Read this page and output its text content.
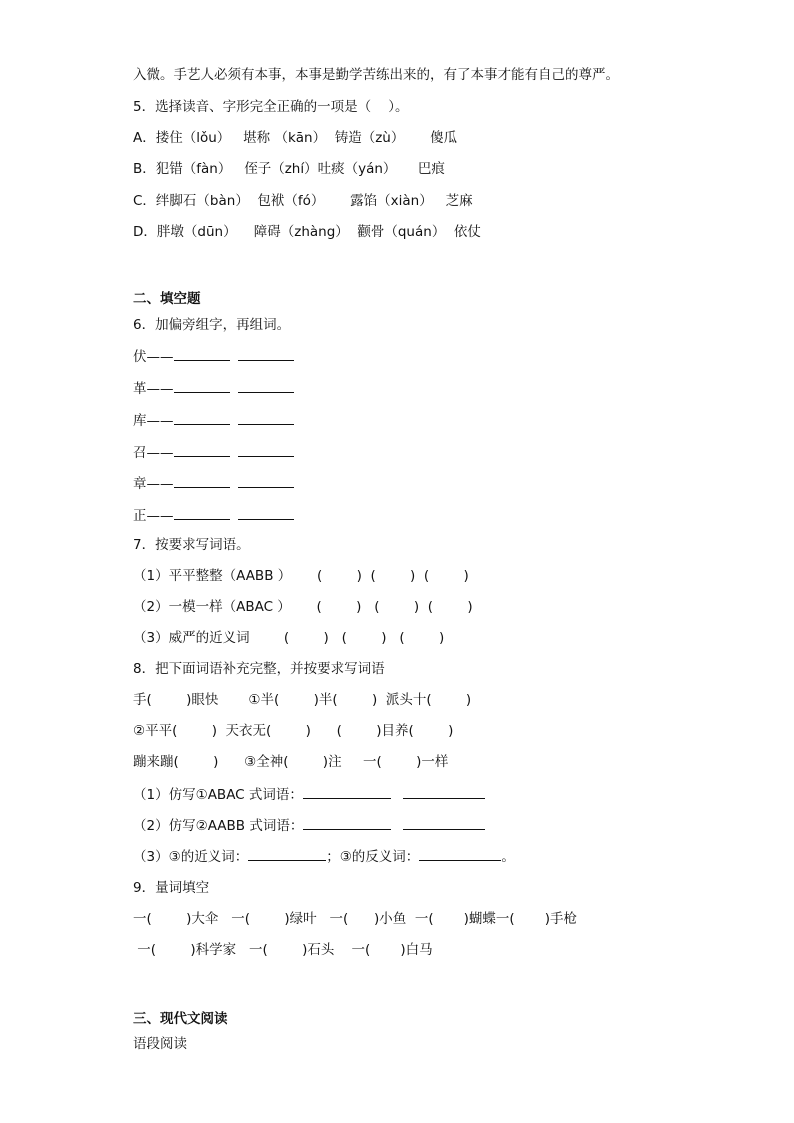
入微。手艺人必须有本事，本事是勤学苦练出来的，有了本事才能有自己的尊严。
5．选择读音、字形完全正确的一项是（    ）。
A．搂住（lǒu）   堪称 （kān）  铸造（zù）      傻瓜
B．犯错（fàn）   侄子（zhí）吐痰（yán）     巴痕
C．绊脚石（bàn）  包袱（fó）      露馅（xiàn）   芝麻
D．胖墩（dūn）    障碍（zhàng）  颧骨（quán）  依仗
二、填空题
6．加偏旁组字，再组词。
伏——
革——
库——
召——
章——
正——
7．按要求写词语。
（1）平平整整（AABB ）      (        )  (        )  (        )
（2）一模一样（ABAC ）      (        )   (        )  (        )
（3）威严的近义词        (        )   (        )   (        )
8．把下面词语补充完整，并按要求写词语
手(        )眼快       ①半(        )半(        )  派头十(        )
②平平(        )  天衣无(        )      (        )目养(        )
蹦来蹦(        )      ③全神(        )注     一(        )一样
（1）仿写①ABAC 式词语：
（2）仿写②AABB 式词语：
（3）③的近义词：	；③的反义词：	。
9．量词填空
一(        )大伞   一(        )绿叶   一(      )小鱼  一(       )蝴蝶一(       )手枪
一(        )科学家   一(        )石头    一(       )白马
三、现代文阅读
语段阅读
